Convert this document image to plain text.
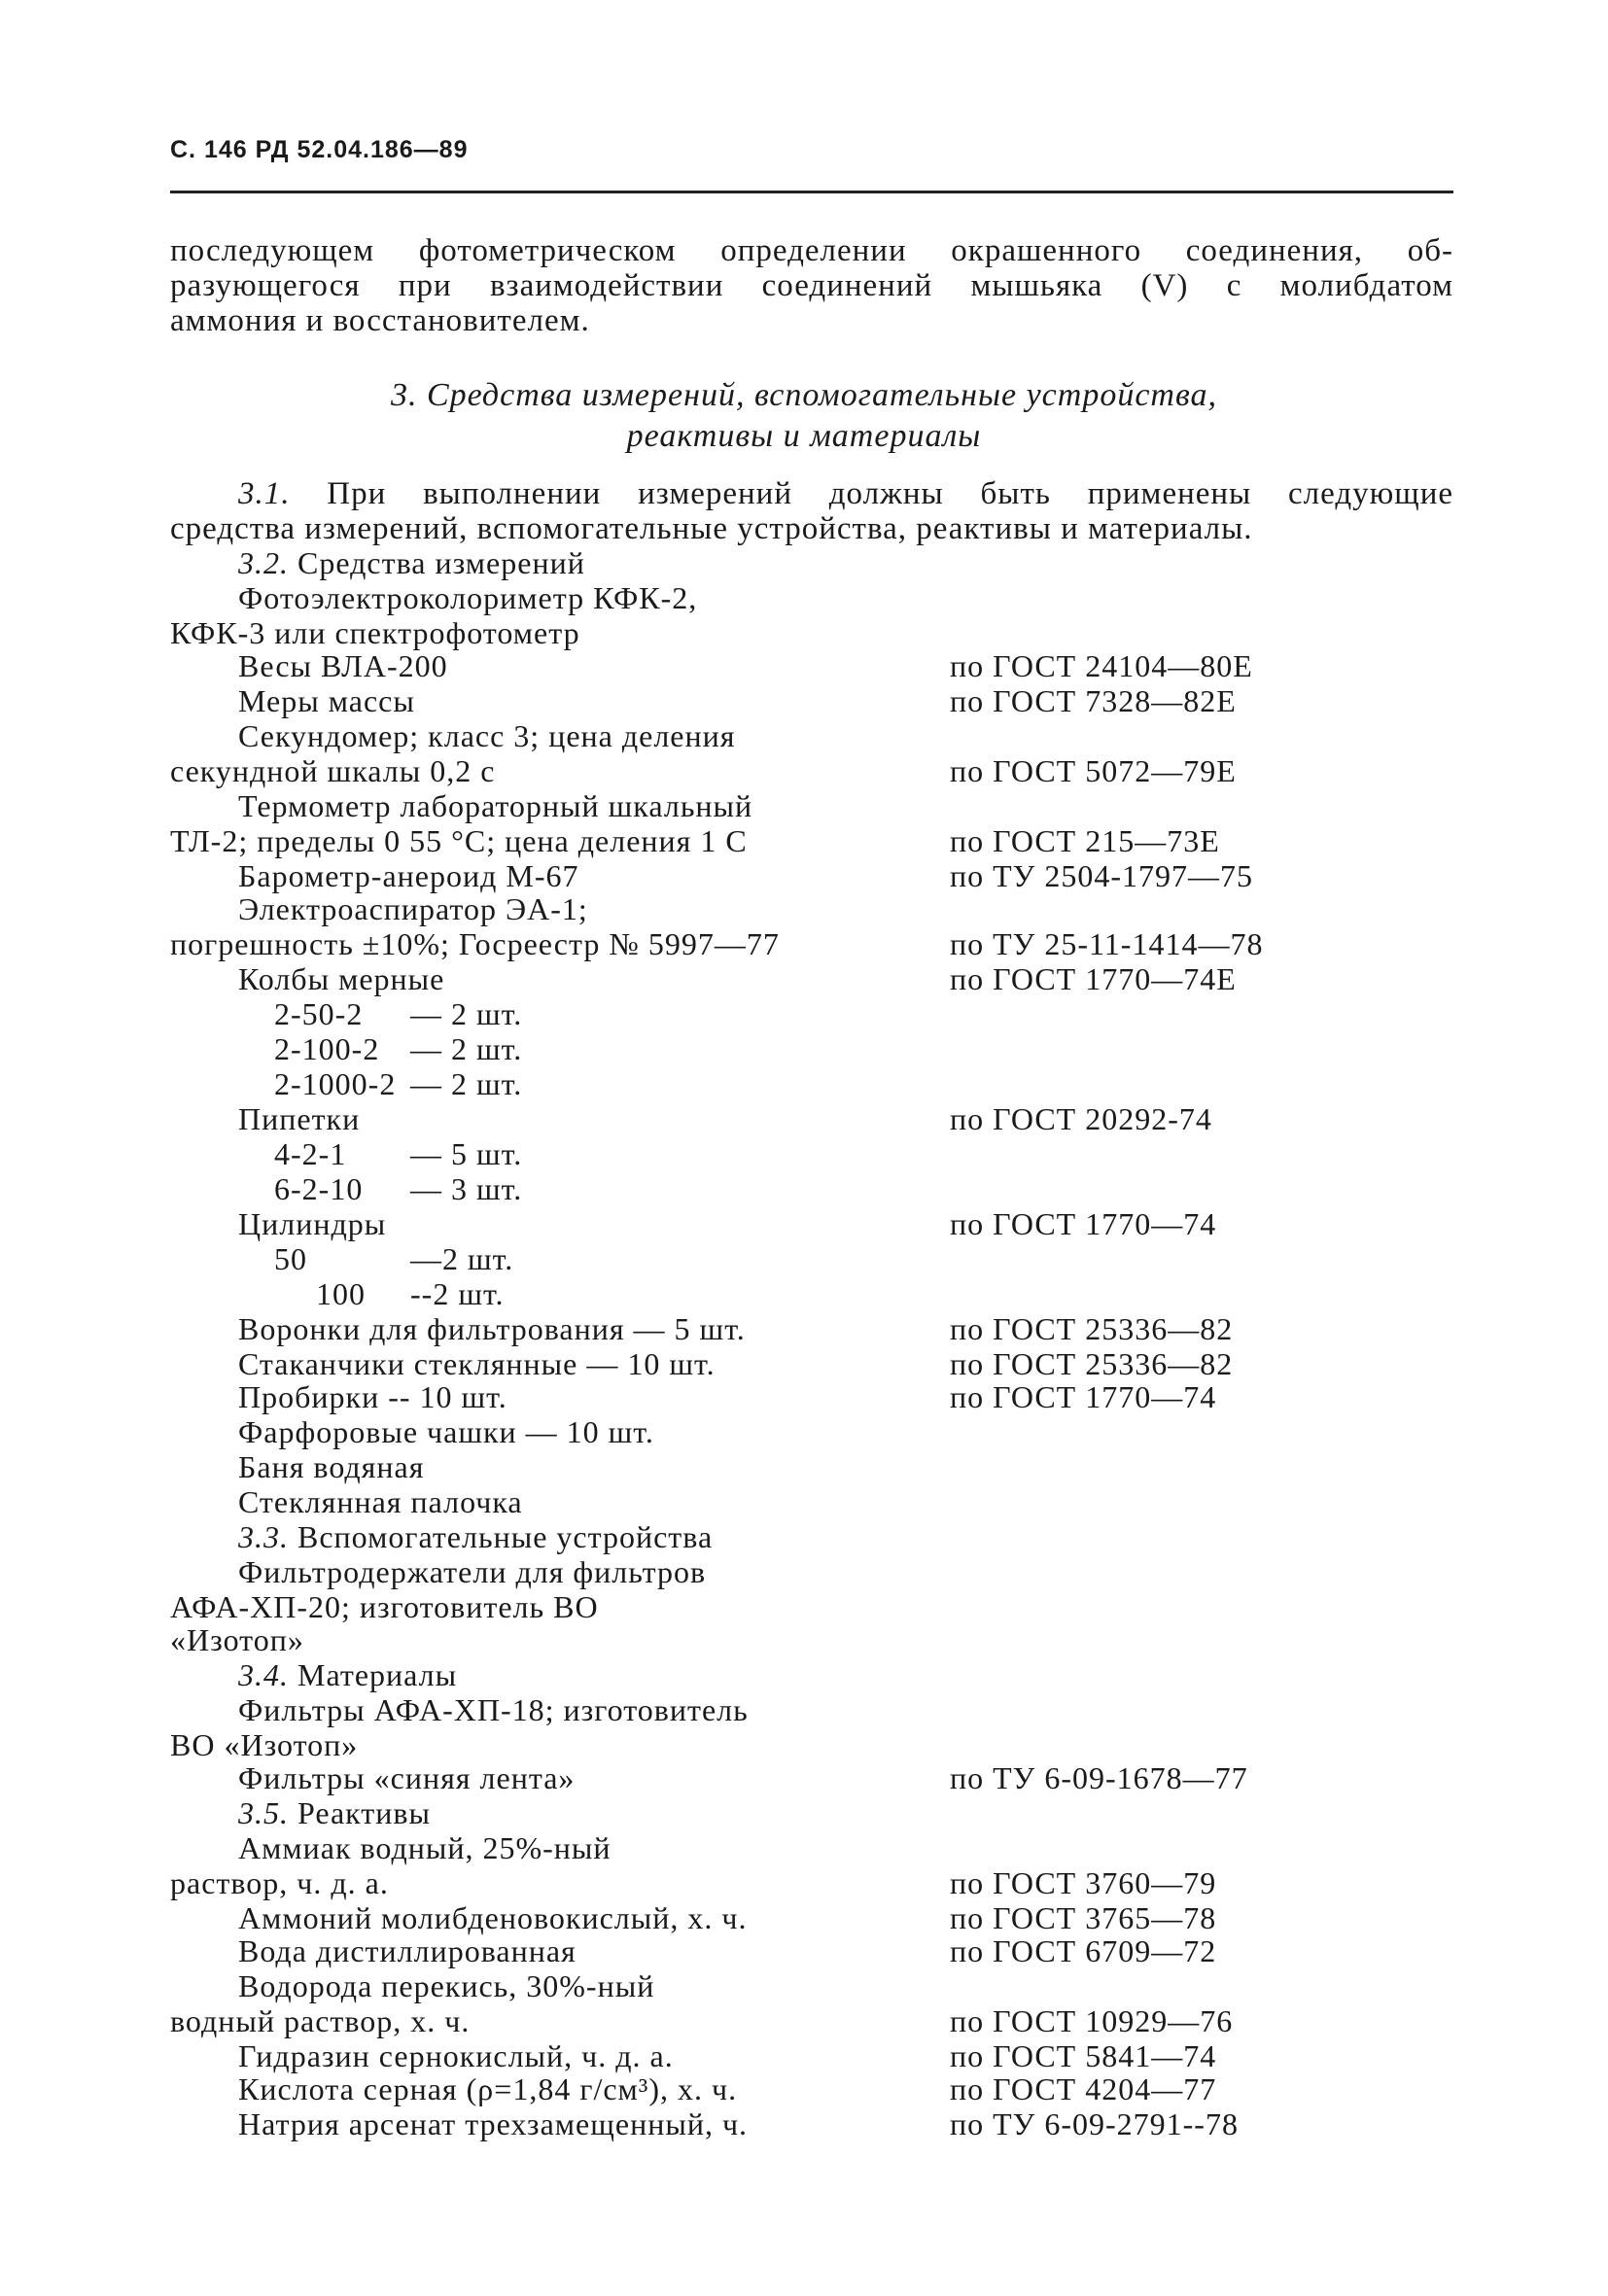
С. 146 РД 52.04.186—89
последующем фотометрическом определении окрашенного соединения, об-
разующегося при взаимодействии соединений мышьяка (V) с молибдатом
аммония и восстановителем.
3. Средства измерений, вспомогательные устройства,
реактивы и материалы
3.1. При выполнении измерений должны быть применены следующие
средства измерений, вспомогательные устройства, реактивы и материалы.
3.2. Средства измерений
Фотоэлектроколориметр КФК-2,
КФК-3 или спектрофотометр
Весы ВЛА-200	по ГОСТ 24104—80Е
Меры массы	по ГОСТ 7328—82Е
Секундомер; класс 3; цена деления
секундной шкалы 0,2 с	по ГОСТ 5072—79Е
Термометр лабораторный шкальный
ТЛ-2; пределы 0 55 °С; цена деления 1 С	по ГОСТ 215—73Е
Барометр-анероид М-67	по ТУ 2504-1797—75
Электроаспиратор ЭА-1;
погрешность ±10%; Госреестр № 5997—77	по ТУ 25-11-1414—78
Колбы мерные	по ГОСТ 1770—74Е
2-50-2 — 2 шт.
2-100-2 — 2 шт.
2-1000-2 — 2 шт.
Пипетки	по ГОСТ 20292-74
4-2-1 — 5 шт.
6-2-10 — 3 шт.
Цилиндры	по ГОСТ 1770—74
50	—2 шт.
100 --2 шт.
Воронки для фильтрования — 5 шт.	по ГОСТ 25336—82
Стаканчики стеклянные — 10 шт.	по ГОСТ 25336—82
Пробирки -- 10 шт.	по ГОСТ 1770—74
Фарфоровые чашки — 10 шт.
Баня водяная
Стеклянная палочка
3.3. Вспомогательные устройства
Фильтродержатели для фильтров
АФА-ХП-20; изготовитель ВО
«Изотоп»
3.4. Материалы
Фильтры АФА-ХП-18; изготовитель
ВО «Изотоп»
Фильтры «синяя лента»	по ТУ 6-09-1678—77
3.5. Реактивы
Аммиак водный, 25%-ный
раствор, ч. д. а.	по ГОСТ 3760—79
Аммоний молибденовокислый, х. ч.	по ГОСТ 3765—78
Вода дистиллированная	по ГОСТ 6709—72
Водорода перекись, 30%-ный
водный раствор, х. ч.	по ГОСТ 10929—76
Гидразин сернокислый, ч. д. а.	по ГОСТ 5841—74
Кислота серная (ρ=1,84 г/см³), х. ч.	по ГОСТ 4204—77
Натрия арсенат трехзамещенный, ч.	по ТУ 6-09-2791--78
